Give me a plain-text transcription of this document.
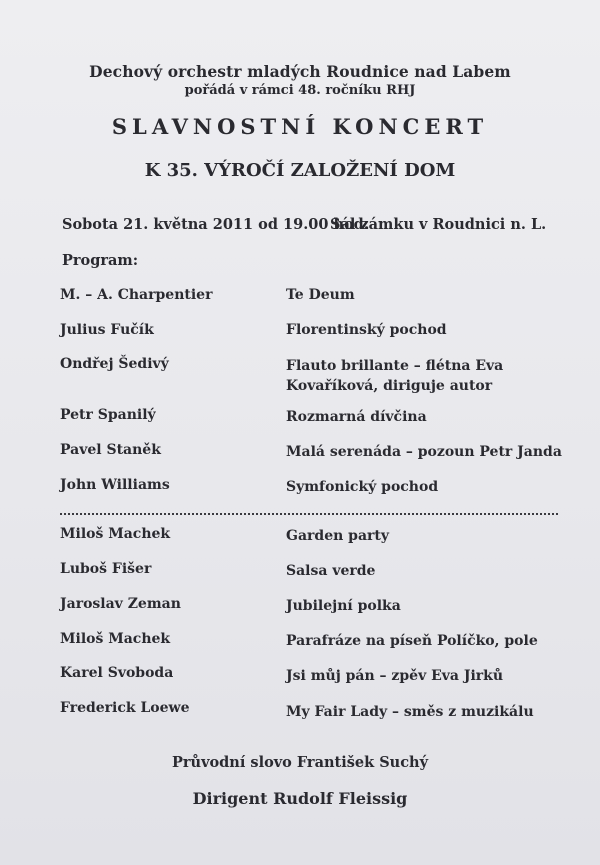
Dechový orchestr mladých Roudnice nad Labem
pořádá v rámci 48. ročníku RHJ
SLAVNOSTNÍ KONCERT
K 35. VÝROČÍ ZALOŽENÍ DOM
Sobota 21. května 2011 od 19.00 hod.
Sál zámku v Roudnici n. L.
Program:
M. – A. Charpentier	Te Deum
Julius Fučík	Florentinský pochod
Ondřej Šedivý	Flauto brillante – flétna Eva Kovaříková, diriguje autor
Petr Spanilý	Rozmarná dívčina
Pavel Staněk	Malá serenáda – pozoun Petr Janda
John Williams	Symfonický pochod
Miloš Machek	Garden party
Luboš Fišer	Salsa verde
Jaroslav Zeman	Jubilejní polka
Miloš Machek	Parafráze na píseň Políčko, pole
Karel Svoboda	Jsi můj pán – zpěv Eva Jirků
Frederick Loewe	My Fair Lady – směs z muzikálu
Průvodní slovo František Suchý
Dirigent Rudolf Fleissig
